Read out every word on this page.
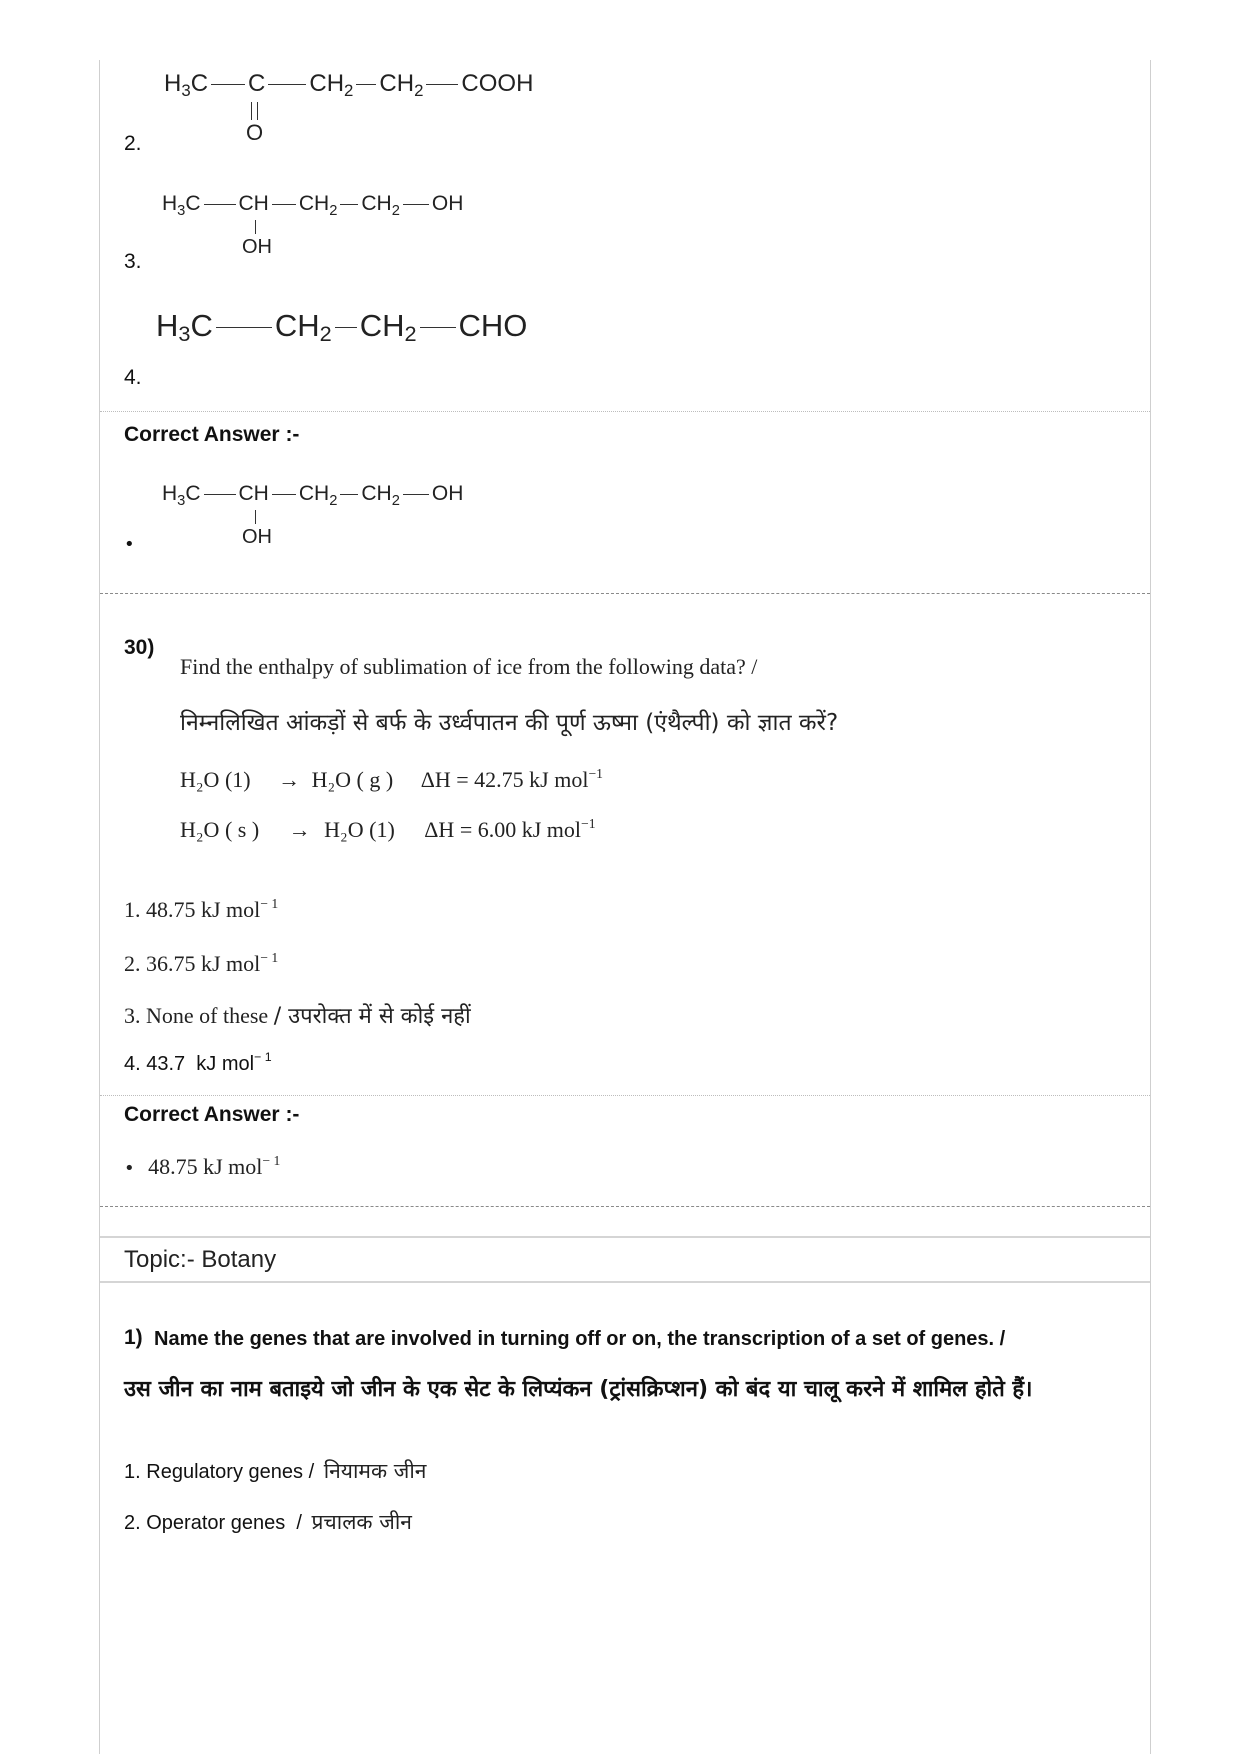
2.
$H_3C$ C $CH_2$ $CH_2$ COOH
O
3.
$H_3C$ CH $CH_2$ $CH_2$ OH
OH
4.
$H_3C$ $CH_2$ $CH_2$ CHO
Correct Answer :-
•
$H_3C$ CH $CH_2$ $CH_2$ OH
OH
30)
Find the enthalpy of sublimation of ice from the following data? /
निम्नलिखित आंकड़ों से बर्फ के उर्ध्वपातन की पूर्ण ऊष्मा (एंथैल्पी) को ज्ञात करें?
H₂O (1) → H₂O ( g ) ΔH = 42.75 kJ mol$^{-1}$
H₂O ( s ) → H₂O (1) ΔH = 6.00 kJ mol$^{-1}$
1. 48.75 kJ mol$^{- 1}$
2. 36.75 kJ mol$^{- 1}$
3. None of these / उपरोक्त में से कोई नहीं
4. 43.7  kJ mol$^{- 1}$
Correct Answer :-
• 48.75 kJ mol$^{- 1}$
Topic:- Botany
1) Name the genes that are involved in turning off or on, the transcription of a set of genes. /
उस जीन का नाम बताइये जो जीन के एक सेट के लिप्यंकन (ट्रांसक्रिप्शन) को बंद या चालू करने में शामिल होते हैं।
1. Regulatory genes / नियामक जीन
2. Operator genes  / प्रचालक जीन
